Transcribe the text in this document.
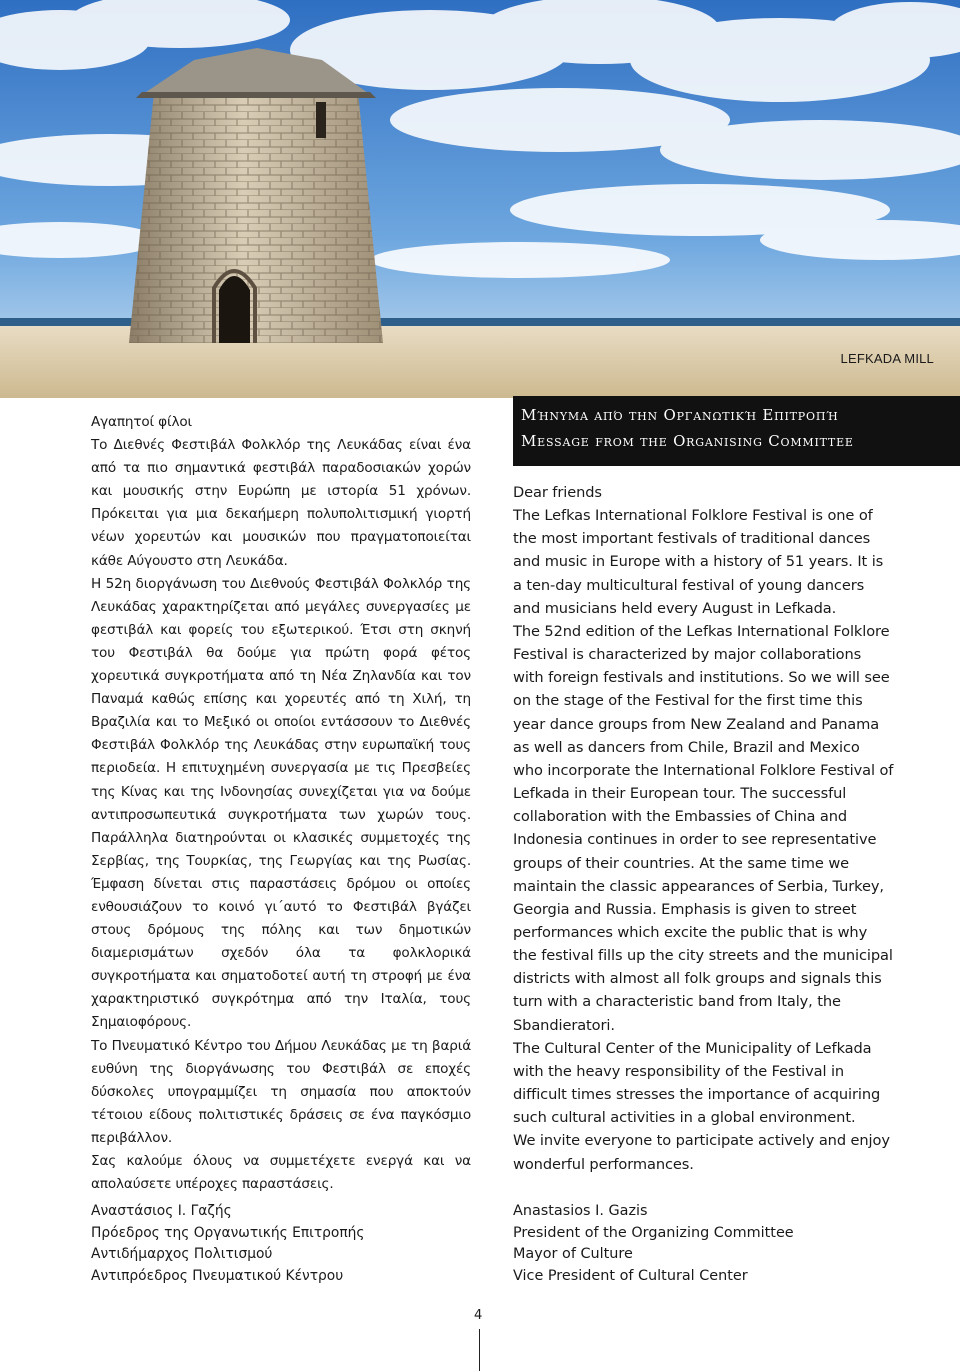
LEFKADA MILL

Αγαπητοί φίλοι

Το Διεθνές Φεστιβάλ Φολκλόρ της Λευκάδας είναι ένα από τα πιο σημαντικά φεστιβάλ παραδοσιακών χορών και μουσικής στην Ευρώπη με ιστορία 51 χρόνων. Πρόκειται για μια δεκαήμερη πολυπολιτισμική γιορτή νέων χορευτών και μουσικών που πραγματοποιείται κάθε Αύγουστο στη Λευκάδα.

Η 52η διοργάνωση του Διεθνούς Φεστιβάλ Φολκλόρ της Λευκάδας χαρακτηρίζεται από μεγάλες συνεργασίες με φεστιβάλ και φορείς του εξωτερικού. Έτσι στη σκηνή του Φεστιβάλ θα δούμε για πρώτη φορά φέτος χορευτικά συγκροτήματα από τη Νέα Ζηλανδία και τον Παναμά καθώς επίσης και χορευτές από τη Χιλή, τη Βραζιλία και το Μεξικό οι οποίοι εντάσσουν το Διεθνές Φεστιβάλ Φολκλόρ της Λευκάδας στην ευρωπαϊκή τους περιοδεία. Η επιτυχημένη συνεργασία με τις Πρεσβείες της Κίνας και της Ινδονησίας συνεχίζεται για να δούμε αντιπροσωπευτικά συγκροτήματα των χωρών τους. Παράλληλα διατηρούνται οι κλασικές συμμετοχές της Σερβίας, της Τουρκίας, της Γεωργίας και της Ρωσίας. Έμφαση δίνεται στις παραστάσεις δρόμου οι οποίες ενθουσιάζουν το κοινό γι΄αυτό το Φεστιβάλ βγάζει στους δρόμους της πόλης και των δημοτικών διαμερισμάτων σχεδόν όλα τα φολκλορικά συγκροτήματα και σηματοδοτεί αυτή τη στροφή με ένα χαρακτηριστικό συγκρότημα από την Ιταλία, τους Σημαιοφόρους.

Το Πνευματικό Κέντρο του Δήμου Λευκάδας με τη βαριά ευθύνη της διοργάνωσης του Φεστιβάλ σε εποχές δύσκολες υπογραμμίζει τη σημασία που αποκτούν τέτοιου είδους πολιτιστικές δράσεις σε ένα παγκόσμιο περιβάλλον.

Σας καλούμε όλους να συμμετέχετε ενεργά και να απολαύσετε υπέροχες παραστάσεις.

Μήνυμα από την Οργανωτική Επιτροπή
Message from the Organising Committee

Dear friends

The Lefkas International Folklore Festival is one of the most important festivals of traditional dances and music in Europe with a history of 51 years. It is a ten-day multicultural festival of young dancers and musicians held every August in Lefkada.

The 52nd edition of the Lefkas International Folklore Festival is characterized by major collaborations with foreign festivals and institutions. So we will see on the stage of the Festival for the first time this year dance groups from New Zealand and Panama as well as dancers from Chile, Brazil and Mexico who incorporate the International Folklore Festival of Lefkada in their European tour. The successful collaboration with the Embassies of China and Indonesia continues in order to see representative groups of their countries. At the same time we maintain the classic appearances of Serbia, Turkey, Georgia and Russia. Emphasis is given to street performances which excite the public that is why the festival fills up the city streets and the municipal districts with almost all folk groups and signals this turn with a characteristic band from Italy, the Sbandieratori.

The Cultural Center of the Municipality of Lefkada with the heavy responsibility of the Festival in difficult times stresses the importance of acquiring such cultural activities in a global environment.

We invite everyone to participate actively and enjoy wonderful performances.

Αναστάσιος Ι. Γαζής

Πρόεδρος της Οργανωτικής Επιτροπής

Αντιδήμαρχος Πολιτισμού

Αντιπρόεδρος Πνευματικού Κέντρου

Anastasios I. Gazis

President of the Organizing Committee

Mayor of Culture

Vice President of Cultural Center

4
